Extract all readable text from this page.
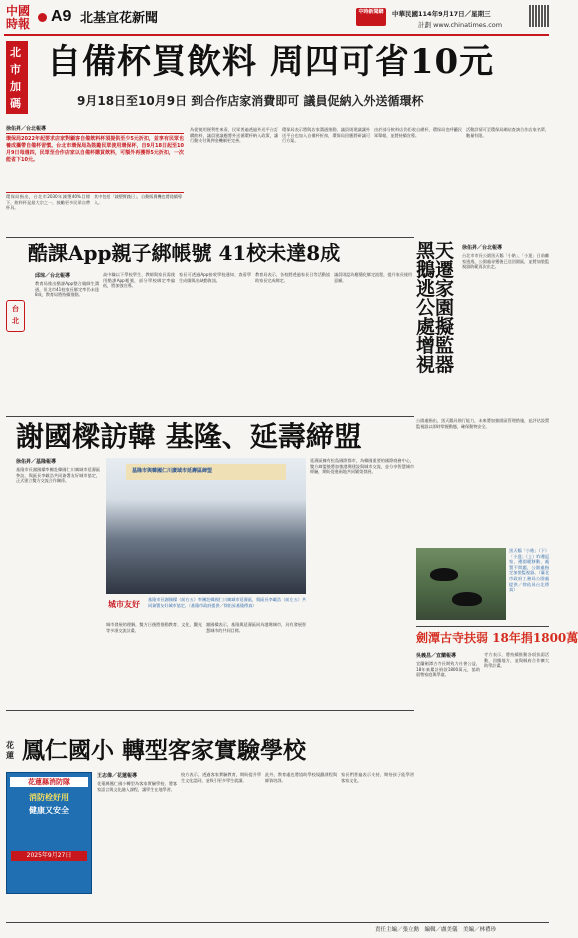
中國
時報	A9 北基宜花新聞	中時新聞網	中華民國114年9月17日／星期三
計劃 www.chinatimes.com
北市加碼
自備杯買飲料 周四可省10元
9月18日至10月9日 到合作店家消費即可 議員促納入外送循環杯
徐佑昇／台北報導
環保局2022年起要求店家對顧客自備飲料杯須提供至少5元折扣，並享有民眾也養成攜帶自備杯習慣。台北市環保局為鼓勵民眾使用環保杯，自9月18日起至10月9日每週四，民眾至合作店家以自備杯購買飲料，可額外再獲得5元折扣，一次能省下10元。
環保局指出，台北市2030年減塑40%目標下，飲料杯是最大宗之一，鼓勵更多民眾自帶杯具。
其中包括「減塑實踐日」，自動販賣機也將陸續導入。
為從使用便利性來看，民眾普遍透過外送平台訂購飲料，議員建議應將外送循環杯納入政策，讓行動支付與押金機制更完善。
環保局表示將與店家溝通推動，議員則建議讓外送平台也加入自備杯折扣，環保局回應將研議可行方案。
由於部分飲料店仍拒收自備杯，環保局也呼籲民眾舉報，並將持續宣導。
活動詳情可至環保局網站查詢合作店家名單，數量有限。
酷課App親子綁帳號 41校未達8成
台北
邱琮／台北報導
教育局推出酷課App整合親師生溝通，但北市41校家長綁定率仍未達8成，教育局將持續推動。
高中職以下學校學生、教師與家長需使用酷課App帳號，部分學校綁定率偏低，將加強宣導。
家長可透過App接收學校通知、查看學生成績與出缺勤資訊。
教育局表示，各校將透過家長日等活動協助家長完成綁定。
議員則認為應簡化綁定流程，提升家長使用意願。
謝國樑訪韓 基隆、延壽締盟
徐佑昇／基隆報導
基隆市長謝國樑率團赴韓國仁川廣域市延壽區參訪，與區長李載浩共同簽署友好城市協定，正式建立雙方交流合作關係。
基隆市與韓國仁川廣域市延壽區締盟
城市友好
基隆市長謝國樑（前右五）率團赴韓國仁川廣域市延壽區，與區長李載浩（前左五）共同簽署友好城市協定。（基隆市政府提供／徐佑昇基隆傳真）
城市發展的理解，雙方日後將推動教育、文化、觀光等多項交流計畫。
謝國樑表示，基隆與延壽區同為港灣城市，具有發展智慧城市的共同目標。
延壽區擁有松島國際都市，為韓國重要的國際商務中心，雙方締盟後將加強港灣建設與城市交流，並分享智慧城市經驗，期盼促進兩地共同繁榮發展。
花蓮 鳳仁國小 轉型客家實驗學校
花蓮縣消防隊
消防栓好用
健康又安全
2025年9月27日
王志偉／花蓮報導
花蓮縣鳳仁國小轉型為客家實驗學校，將客家語言與文化融入課程，讓學生在地學習。
校方表示，透過客家實驗教育，期盼提升學生文化認同，並吸引更多學生就讀。
此外，教育處也將協助學校規劃課程與師資培訓。
家長們普遍表示支持，期待孩子能學習客家文化。
黑天鵝遷逃家 公園處擬增監視器
徐佑昇／台北報導
台北市市長公園黑天鵝「小皓」、「小達」日前離家逃逸，公園處尋獲後已送回園區，並將加裝監視器防範再次出走。
公園處指出，黑天鵝具飛行能力，未來將加強園區管理措施，並評估設置監視器以即時掌握動態，確保動物安全。
黑天鵝「小皓」（下）「小達」（上）昨遷返家，遷園暖移動、處置不問題，公園處指定加裝監視器。（臺北市政府工務局公園處提供／徐佑昇台北傳真）
劍潭古寺扶弱 18年捐1800萬
吳義昌／宜蘭報導
宜蘭劍潭古寺長期致力社會公益，18年來累計捐款1800萬元，協助弱勢家庭與學童。
寺方表示，將持續推動各項扶弱活動，回饋地方，並與縣府合作擴大助學計畫。
責任主編／張立勳　編輯／盧美儀　美編／林禮珍
